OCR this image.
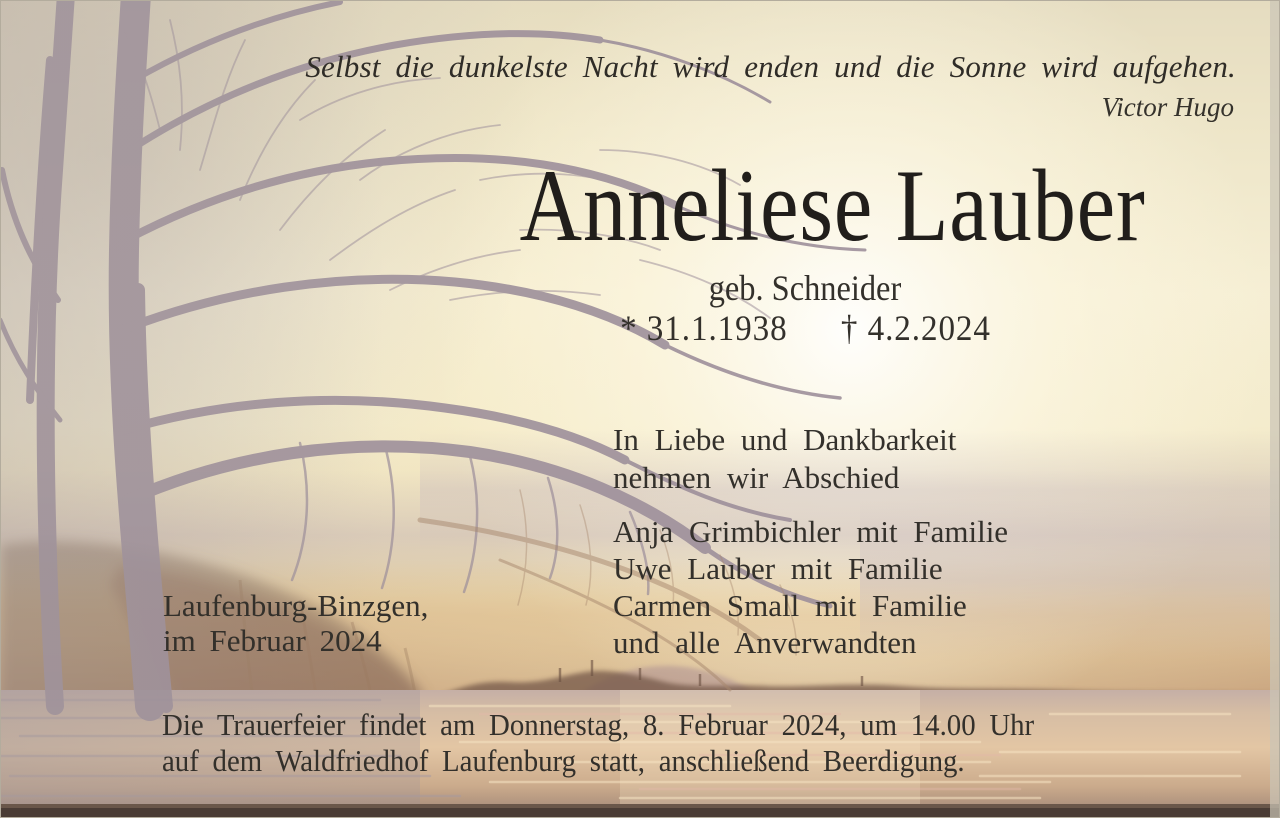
Selbst die dunkelste Nacht wird enden und die Sonne wird aufgehen.
Victor Hugo
Anneliese Lauber
geb. Schneider
* 31.1.1938 † 4.2.2024
In Liebe und Dankbarkeit
nehmen wir Abschied
Anja Grimbichler mit Familie
Uwe Lauber mit Familie
Carmen Small mit Familie
und alle Anverwandten
Laufenburg-Binzgen,
im Februar 2024
Die Trauerfeier findet am Donnerstag, 8. Februar 2024, um 14.00 Uhr
auf dem Waldfriedhof Laufenburg statt, anschließend Beerdigung.
